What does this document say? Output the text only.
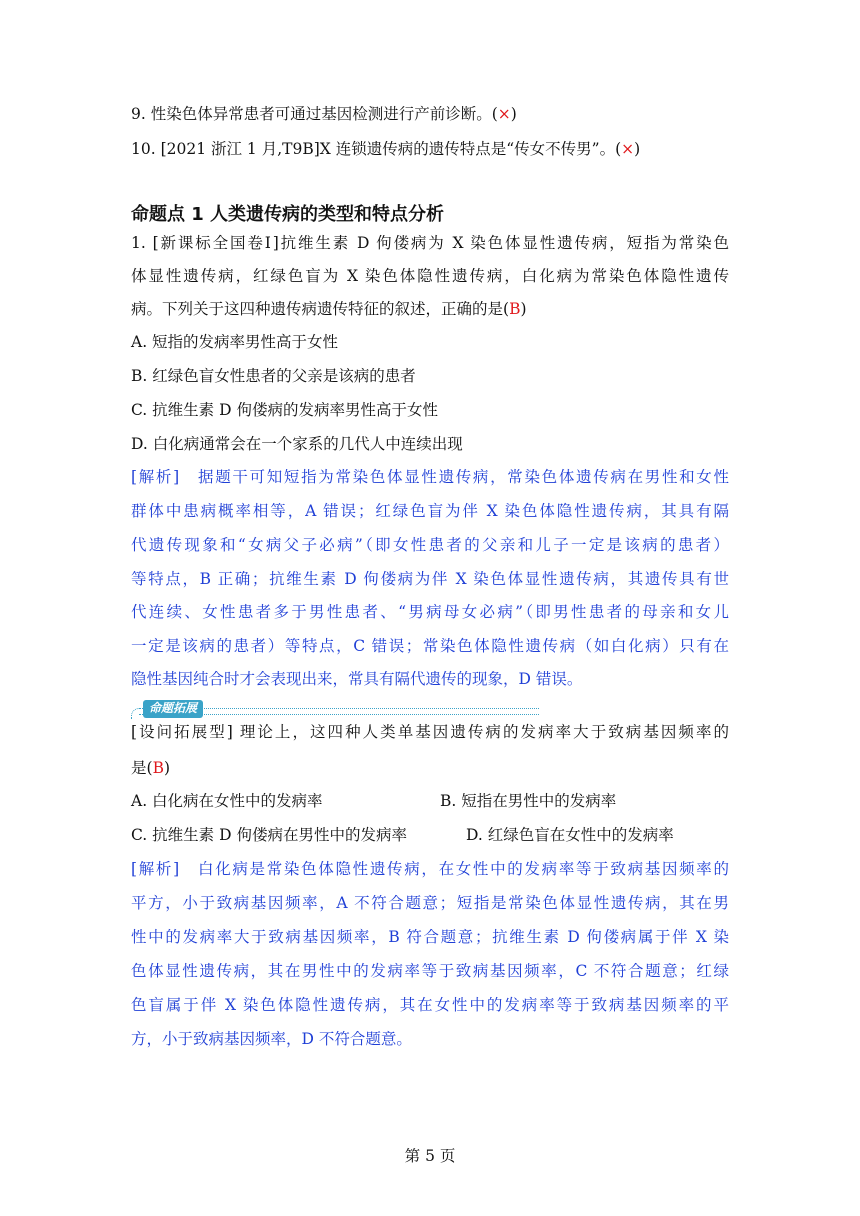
9. 性染色体异常患者可通过基因检测进行产前诊断。(×)
10. [2021 浙江 1 月,T9B]X 连锁遗传病的遗传特点是“传女不传男”。(×)
命题点 1 人类遗传病的类型和特点分析
1. [新课标全国卷Ⅰ]抗维生素 D 佝偻病为 X 染色体显性遗传病，短指为常染色
体显性遗传病，红绿色盲为 X 染色体隐性遗传病，白化病为常染色体隐性遗传
病。下列关于这四种遗传病遗传特征的叙述，正确的是(B)
A. 短指的发病率男性高于女性
B. 红绿色盲女性患者的父亲是该病的患者
C. 抗维生素 D 佝偻病的发病率男性高于女性
D. 白化病通常会在一个家系的几代人中连续出现
[解析]　据题干可知短指为常染色体显性遗传病，常染色体遗传病在男性和女性
群体中患病概率相等，A 错误；红绿色盲为伴 X 染色体隐性遗传病，其具有隔
代遗传现象和“女病父子必病”（即女性患者的父亲和儿子一定是该病的患者）
等特点，B 正确；抗维生素 D 佝偻病为伴 X 染色体显性遗传病，其遗传具有世
代连续、女性患者多于男性患者、“男病母女必病”（即男性患者的母亲和女儿
一定是该病的患者）等特点，C 错误；常染色体隐性遗传病（如白化病）只有在
隐性基因纯合时才会表现出来，常具有隔代遗传的现象，D 错误。
命题拓展
[设问拓展型] 理论上，这四种人类单基因遗传病的发病率大于致病基因频率的
是(B)
A. 白化病在女性中的发病率	B. 短指在男性中的发病率
C. 抗维生素 D 佝偻病在男性中的发病率	D. 红绿色盲在女性中的发病率
[解析]　白化病是常染色体隐性遗传病，在女性中的发病率等于致病基因频率的
平方，小于致病基因频率，A 不符合题意；短指是常染色体显性遗传病，其在男
性中的发病率大于致病基因频率，B 符合题意；抗维生素 D 佝偻病属于伴 X 染
色体显性遗传病，其在男性中的发病率等于致病基因频率，C 不符合题意；红绿
色盲属于伴 X 染色体隐性遗传病，其在女性中的发病率等于致病基因频率的平
方，小于致病基因频率，D 不符合题意。
第 5 页
